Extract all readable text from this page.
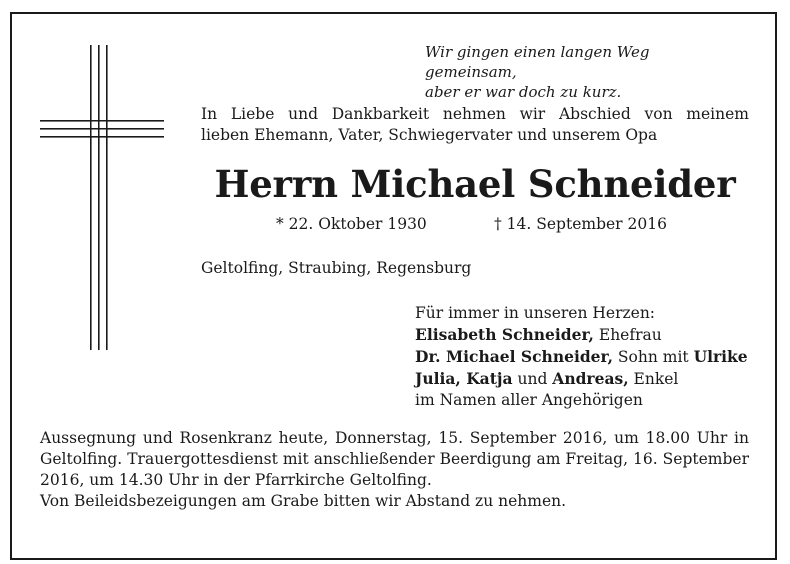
Wir gingen einen langen Weg gemeinsam,
aber er war doch zu kurz.
In Liebe und Dankbarkeit nehmen wir Abschied von meinem
lieben Ehemann, Vater, Schwiegervater und unserem Opa
Herrn Michael Schneider
* 22. Oktober 1930	† 14. September 2016
Geltolfing, Straubing, Regensburg
Für immer in unseren Herzen:
Elisabeth Schneider, Ehefrau
Dr. Michael Schneider, Sohn mit Ulrike
Julia, Katja und Andreas, Enkel
im Namen aller Angehörigen

Aussegnung und Rosenkranz heute, Donnerstag, 15. September 2016, um 18.00 Uhr in Geltolfing. Trauergottesdienst mit anschließender Beerdigung am Freitag, 16. September 2016, um 14.30 Uhr in der Pfarrkirche Geltolfing.

Von Beileidsbezeigungen am Grabe bitten wir Abstand zu nehmen.
